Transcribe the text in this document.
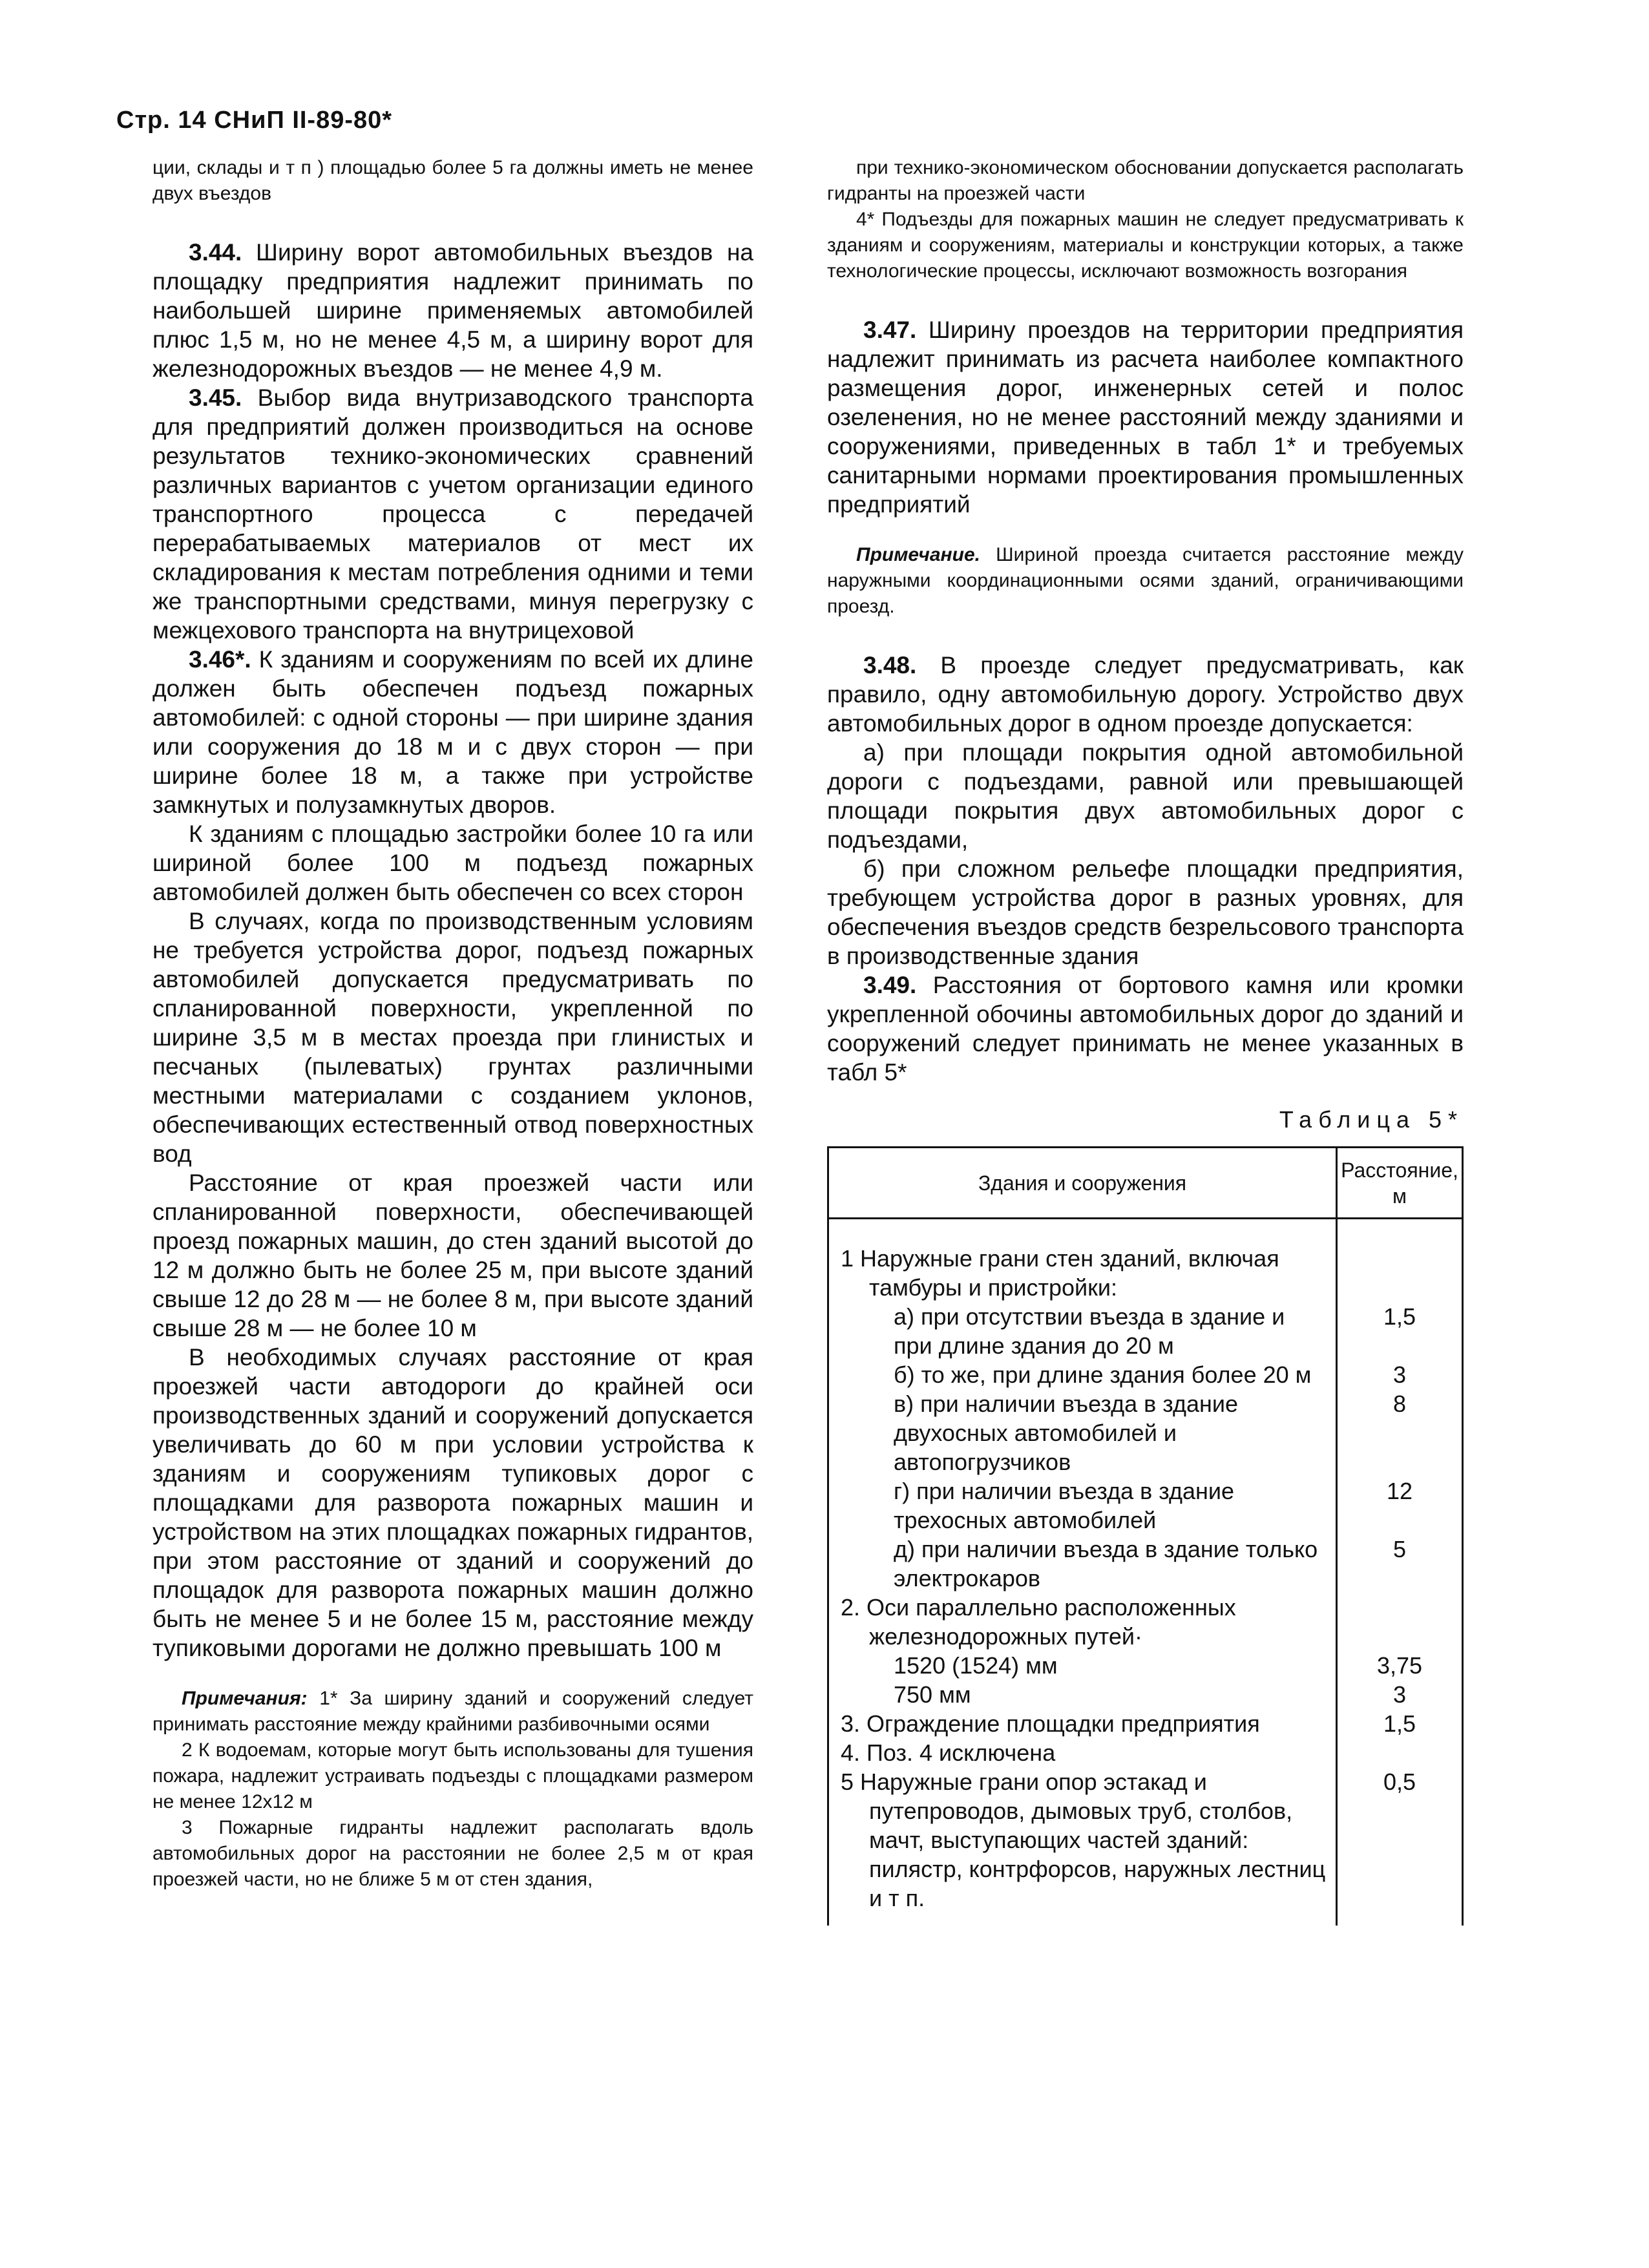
Стр. 14 СНиП II-89-80*

ции, склады и т п ) площадью более 5 га должны иметь не менее двух въездов

3.44. Ширину ворот автомобильных въездов на площадку предприятия надлежит принимать по наибольшей ширине применяемых автомобилей плюс 1,5 м, но не менее 4,5 м, а ширину ворот для железнодорожных въездов — не менее 4,9 м.

3.45. Выбор вида внутризаводского транспорта для предприятий должен производиться на основе результатов технико-экономических сравнений различных вариантов с учетом организации единого транспортного процесса с передачей перерабатываемых материалов от мест их складирования к местам потребления одними и теми же транспортными средствами, минуя перегрузку с межцехового транспорта на внутрицеховой

3.46*. К зданиям и сооружениям по всей их длине должен быть обеспечен подъезд пожарных автомобилей: с одной стороны — при ширине здания или сооружения до 18 м и с двух сторон — при ширине более 18 м, а также при устройстве замкнутых и полузамкнутых дворов.

К зданиям с площадью застройки более 10 га или шириной более 100 м подъезд пожарных автомобилей должен быть обеспечен со всех сторон

В случаях, когда по производственным условиям не требуется устройства дорог, подъезд пожарных автомобилей допускается предусматривать по спланированной поверхности, укрепленной по ширине 3,5 м в местах проезда при глинистых и песчаных (пылеватых) грунтах различными местными материалами с созданием уклонов, обеспечивающих естественный отвод поверхностных вод

Расстояние от края проезжей части или спланированной поверхности, обеспечивающей проезд пожарных машин, до стен зданий высотой до 12 м должно быть не более 25 м, при высоте зданий свыше 12 до 28 м — не более 8 м, при высоте зданий свыше 28 м — не более 10 м

В необходимых случаях расстояние от края проезжей части автодороги до крайней оси производственных зданий и сооружений допускается увеличивать до 60 м при условии устройства к зданиям и сооружениям тупиковых дорог с площадками для разворота пожарных машин и устройством на этих площадках пожарных гидрантов, при этом расстояние от зданий и сооружений до площадок для разворота пожарных машин должно быть не менее 5 и не более 15 м, расстояние между тупиковыми дорогами не должно превышать 100 м

Примечания: 1* За ширину зданий и сооружений следует принимать расстояние между крайними разбивочными осями

2 К водоемам, которые могут быть использованы для тушения пожара, надлежит устраивать подъезды с площадками размером не менее 12х12 м

3 Пожарные гидранты надлежит располагать вдоль автомобильных дорог на расстоянии не более 2,5 м от края проезжей части, но не ближе 5 м от стен здания,

при технико-экономическом обосновании допускается располагать гидранты на проезжей части

4* Подъезды для пожарных машин не следует предусматривать к зданиям и сооружениям, материалы и конструкции которых, а также технологические процессы, исключают возможность возгорания

3.47. Ширину проездов на территории предприятия надлежит принимать из расчета наиболее компактного размещения дорог, инженерных сетей и полос озеленения, но не менее расстояний между зданиями и сооружениями, приведенных в табл 1* и требуемых санитарными нормами проектирования промышленных предприятий

Примечание. Шириной проезда считается расстояние между наружными координационными осями зданий, ограничивающими проезд.

3.48. В проезде следует предусматривать, как правило, одну автомобильную дорогу. Устройство двух автомобильных дорог в одном проезде допускается:

а) при площади покрытия одной автомобильной дороги с подъездами, равной или превышающей площади покрытия двух автомобильных дорог с подъездами,

б) при сложном рельефе площадки предприятия, требующем устройства дорог в разных уровнях, для обеспечения въездов средств безрельсового транспорта в производственные здания

3.49. Расстояния от бортового камня или кромки укрепленной обочины автомобильных дорог до зданий и сооружений следует принимать не менее указанных в табл 5*

Таблица 5*
Здания и сооружения	Расстояние, м

1 Наружные грани стен зданий, включая тамбуры и пристройки:	

а) при отсутствии въезда в здание и при длине здания до 20 м	1,5

б) то же, при длине здания более 20 м	3

в) при наличии въезда в здание двухосных автомобилей и автопогрузчиков	8

г) при наличии въезда в здание трехосных автомобилей	12

д) при наличии въезда в здание только электрокаров	5

2. Оси параллельно расположенных железнодорожных путей·	

1520 (1524) мм	3,75

750 мм	3

3. Ограждение площадки предприятия	1,5

4. Поз. 4 исключена	

5 Наружные грани опор эстакад и путепроводов, дымовых труб, столбов, мачт, выступающих частей зданий: пилястр, контрфорсов, наружных лестниц и т п.	0,5
